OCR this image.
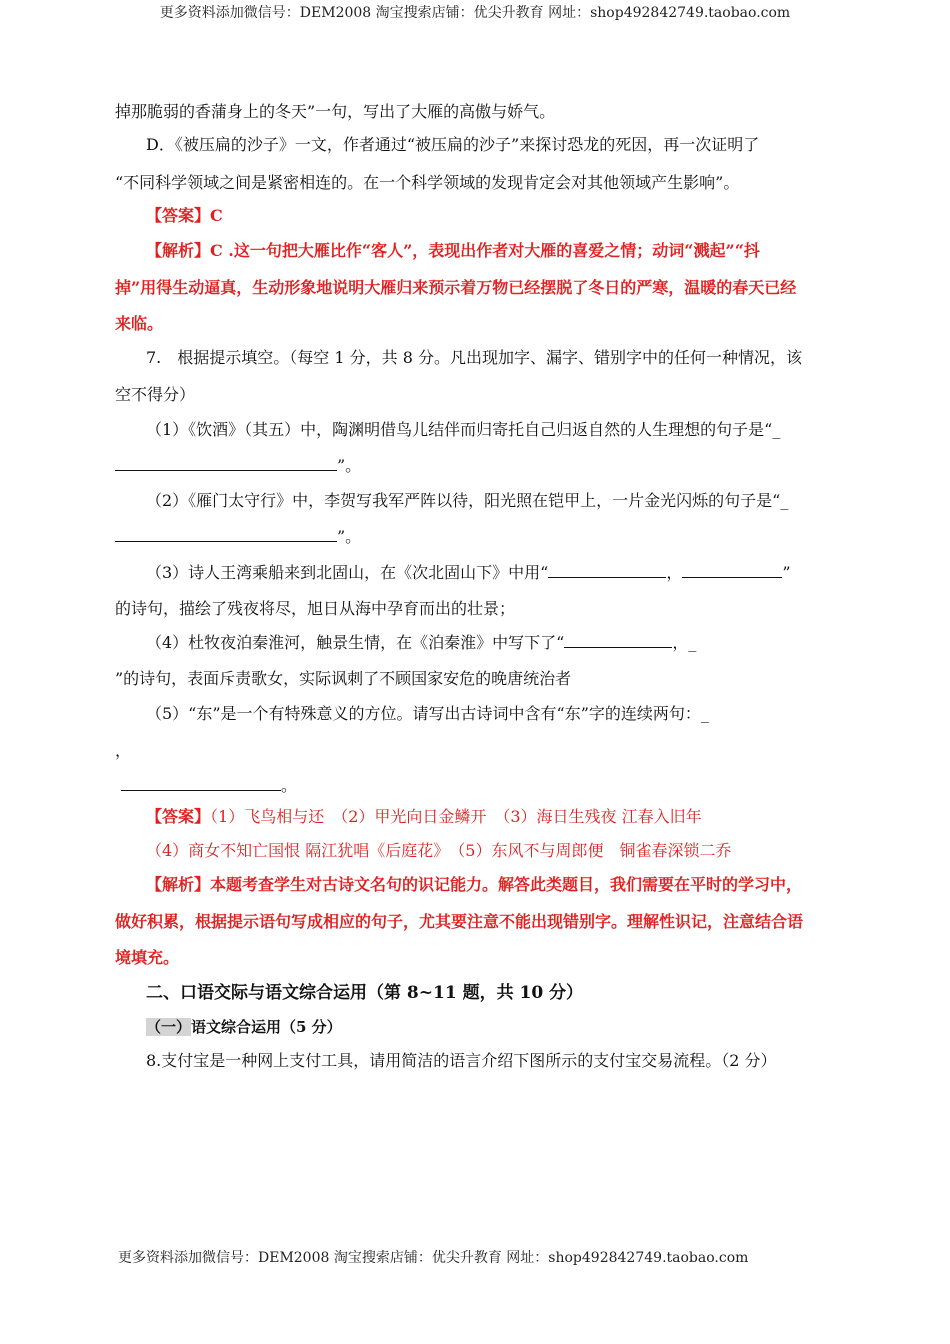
更多资料添加微信号：DEM2008 淘宝搜索店铺：优尖升教育 网址：shop492842749.taobao.com
掉那脆弱的香蒲身上的冬天”一句，写出了大雁的高傲与娇气。
D．《被压扁的沙子》一文，作者通过“被压扁的沙子”来探讨恐龙的死因，再一次证明了
“不同科学领域之间是紧密相连的。在一个科学领域的发现肯定会对其他领域产生影响”。
【答案】C
【解析】C .这一句把大雁比作“客人”，表现出作者对大雁的喜爱之情；动词“溅起”“抖
掉”用得生动逼真，生动形象地说明大雁归来预示着万物已经摆脱了冬日的严寒，温暖的春天已经
来临。
7.　根据提示填空。（每空 1 分，共 8 分。凡出现加字、漏字、错别字中的任何一种情况，该
空不得分）
（1）《饮酒》（其五）中，陶渊明借鸟儿结伴而归寄托自己归返自然的人生理想的句子是“_
”。
（2）《雁门太守行》中，李贺写我军严阵以待，阳光照在铠甲上，一片金光闪烁的句子是“_
”。
（3）诗人王湾乘船来到北固山，在《次北固山下》中用“	，	”
的诗句，描绘了残夜将尽，旭日从海中孕育而出的壮景；
（4）杜牧夜泊秦淮河，触景生情，在《泊秦淮》中写下了“	，_
”的诗句，表面斥责歌女，实际讽刺了不顾国家安危的晚唐统治者
（5）“东”是一个有特殊意义的方位。请写出古诗词中含有“东”字的连续两句：_
，
。
【答案】（1）飞鸟相与还　（2）甲光向日金鳞开　（3）海日生残夜 江春入旧年
（4）商女不知亡国恨 隔江犹唱《后庭花》　（5）东风不与周郎便　铜雀春深锁二乔
【解析】本题考查学生对古诗文名句的识记能力。解答此类题目，我们需要在平时的学习中，
做好积累，根据提示语句写成相应的句子，尤其要注意不能出现错别字。理解性识记，注意结合语
境填充。
二、口语交际与语文综合运用（第 8~11 题，共 10 分）
（一）语文综合运用（5 分）
8.支付宝是一种网上支付工具，请用简洁的语言介绍下图所示的支付宝交易流程。（2 分）
更多资料添加微信号：DEM2008 淘宝搜索店铺：优尖升教育 网址：shop492842749.taobao.com
